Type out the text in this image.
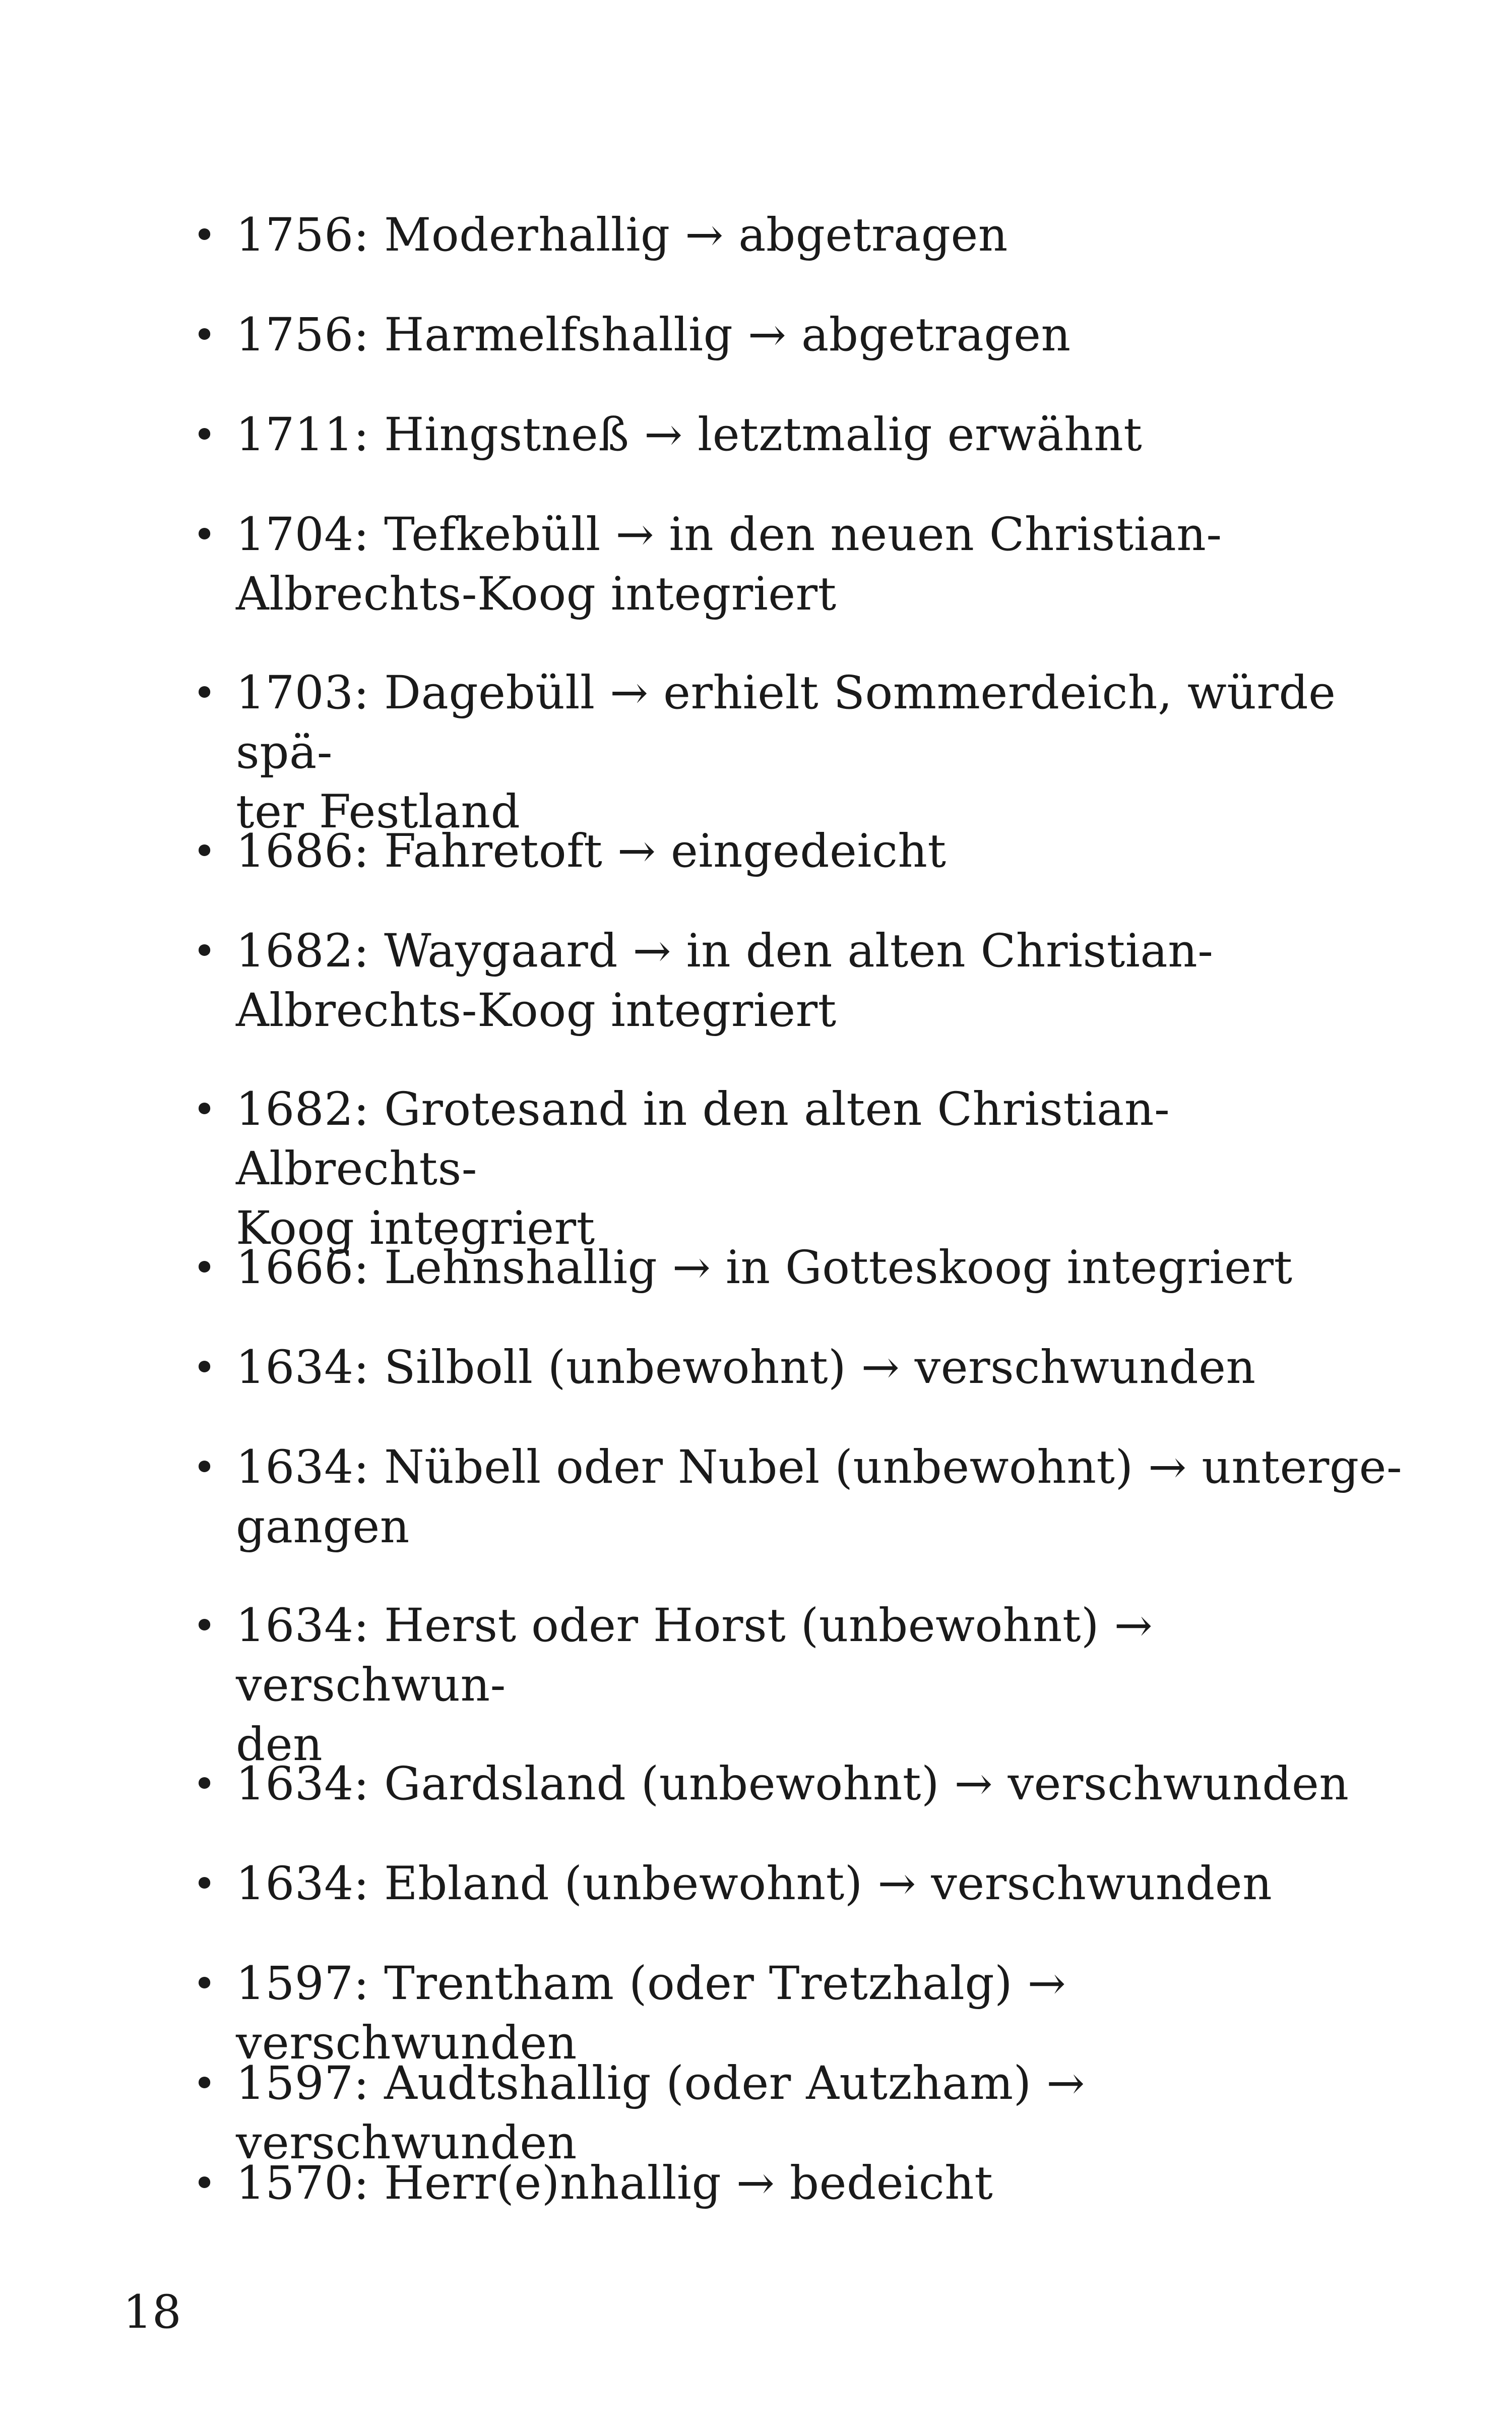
• 1756: Moderhallig → abgetragen
• 1756: Harmelfshallig → abgetragen
• 1711: Hingstneß → letztmalig erwähnt
• 1704: Tefkebüll → in den neuen Christian-
Albrechts-Koog integriert
• 1703: Dagebüll → erhielt Sommerdeich, würde spä-
ter Festland
• 1686: Fahretoft → eingedeicht
• 1682: Waygaard → in den alten Christian-
Albrechts-Koog integriert
• 1682: Grotesand in den alten Christian-Albrechts-
Koog integriert
• 1666: Lehnshallig → in Gotteskoog integriert
• 1634: Silboll (unbewohnt) → verschwunden
• 1634: Nübell oder Nubel (unbewohnt) → unterge-
gangen
• 1634: Herst oder Horst (unbewohnt) → verschwun-
den
• 1634: Gardsland (unbewohnt) → verschwunden
• 1634: Ebland (unbewohnt) → verschwunden
• 1597: Trentham (oder Tretzhalg) → verschwunden
• 1597: Audtshallig (oder Autzham) → verschwunden
• 1570: Herr(e)nhallig → bedeicht
18
